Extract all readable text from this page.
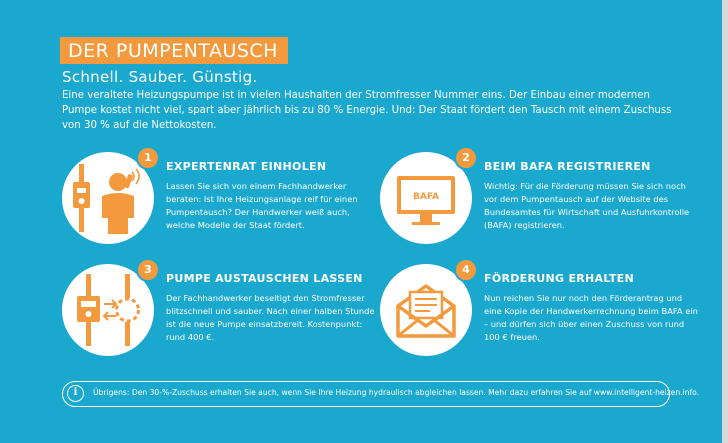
DER PUMPENTAUSCH
Schnell. Sauber. Günstig.
Eine veraltete Heizungspumpe ist in vielen Haushalten der Stromfresser Nummer eins. Der Einbau einer modernen Pumpe kostet nicht viel, spart aber jährlich bis zu 80 % Energie. Und: Der Staat fördert den Tausch mit einem Zuschuss von 30 % auf die Nettokosten.
1
EXPERTENRAT EINHOLEN
Lassen Sie sich von einem Fachhandwerker beraten: Ist Ihre Heizungsanlage reif für einen Pumpentausch? Der Handwerker weiß auch, welche Modelle der Staat fördert.
BAFA
2
BEIM BAFA REGISTRIEREN
Wichtig: Für die Förderung müssen Sie sich noch vor dem Pumpentausch auf der Website des Bundesamtes für Wirtschaft und Ausfuhrkontrolle (BAFA) registrieren.
3
PUMPE AUSTAUSCHEN LASSEN
Der Fachhandwerker beseitigt den Stromfresser blitzschnell und sauber. Nach einer halben Stunde ist die neue Pumpe einsatzbereit. Kostenpunkt: rund 400 €.
4
FÖRDERUNG ERHALTEN
Nun reichen Sie nur noch den Förderantrag und eine Kopie der Handwerkerrechnung beim BAFA ein – und dürfen sich über einen Zuschuss von rund 100 € freuen.
i	Übrigens: Den 30-%-Zuschuss erhalten Sie auch, wenn Sie Ihre Heizung hydraulisch abgleichen lassen. Mehr dazu erfahren Sie auf www.intelligent-heizen.info.
